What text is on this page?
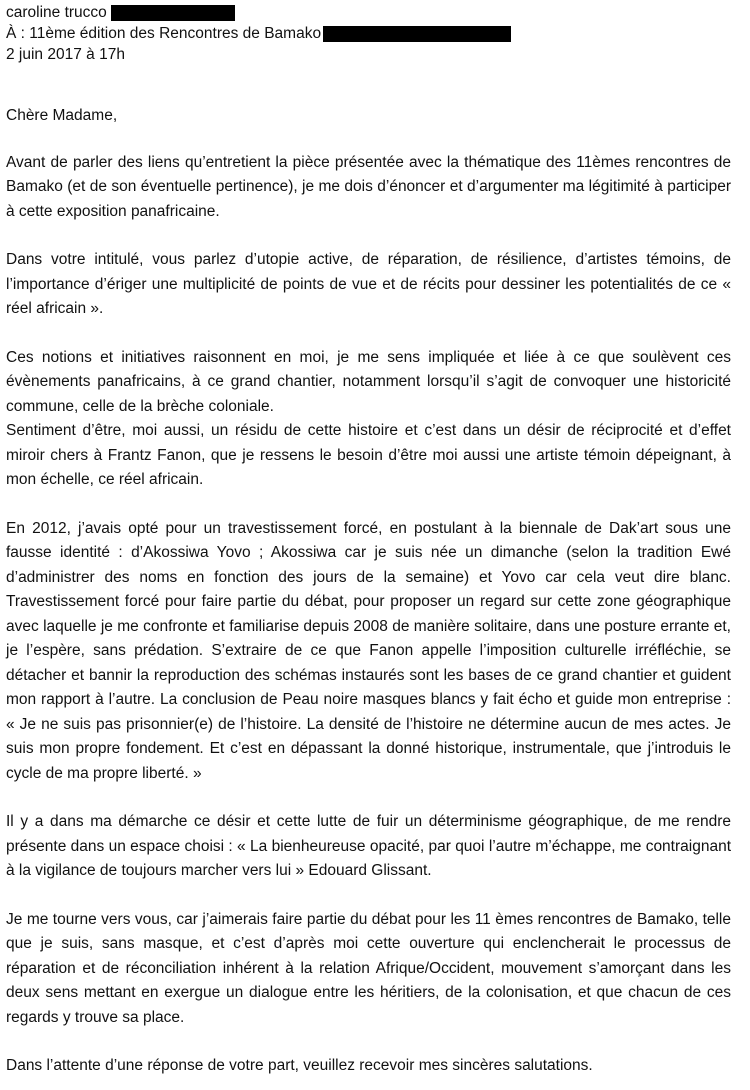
caroline trucco
À : 11ème édition des Rencontres de Bamako
2 juin 2017 à 17h

Chère Madame,

Avant de parler des liens qu’entretient la pièce présentée avec la thématique des 11èmes rencontres de Bamako (et de son éventuelle pertinence), je me dois d’énoncer et d’argumenter ma légitimité à participer à cette exposition panafricaine.

Dans votre intitulé, vous parlez d’utopie active, de réparation, de résilience, d’artistes témoins, de l’importance d’ériger une multiplicité de points de vue et de récits pour dessiner les potentialités de ce « réel africain ».

Ces notions et initiatives raisonnent en moi, je me sens impliquée et liée à ce que soulèvent ces évènements panafricains, à ce grand chantier, notamment lorsqu’il s’agit de convoquer une historicité commune, celle de la brèche coloniale.

Sentiment d’être, moi aussi, un résidu de cette histoire et c’est dans un désir de réciprocité et d’effet miroir chers à Frantz Fanon, que je ressens le besoin d’être moi aussi une artiste témoin dépeignant, à mon échelle, ce réel africain.

En 2012, j’avais opté pour un travestissement forcé, en postulant à la biennale de Dak’art sous une fausse identité : d’Akossiwa Yovo ; Akossiwa car je suis née un dimanche (selon la tradition Ewé d’administrer des noms en fonction des jours de la semaine) et Yovo car cela veut dire blanc. Travestissement forcé pour faire partie du débat, pour proposer un regard sur cette zone géographique avec laquelle je me confronte et familiarise depuis 2008 de manière solitaire, dans une posture errante et, je l’espère, sans prédation. S’extraire de ce que Fanon appelle l’imposition culturelle irréfléchie, se détacher et bannir la reproduction des schémas instaurés sont les bases de ce grand chantier et guident mon rapport à l’autre. La conclusion de Peau noire masques blancs y fait écho et guide mon entreprise : « Je ne suis pas prisonnier(e) de l’histoire. La densité de l’histoire ne détermine aucun de mes actes. Je suis mon propre fondement. Et c’est en dépassant la donné historique, instrumentale, que j’introduis le cycle de ma propre liberté. »

Il y a dans ma démarche ce désir et cette lutte de fuir un déterminisme géographique, de me rendre présente dans un espace choisi : « La bienheureuse opacité, par quoi l’autre m’échappe, me contraignant à la vigilance de toujours marcher vers lui » Edouard Glissant.

Je me tourne vers vous, car j’aimerais faire partie du débat pour les 11 èmes rencontres de Bamako, telle que je suis, sans masque, et c’est d’après moi cette ouverture qui enclencherait le processus de réparation et de réconciliation inhérent à la relation Afrique/Occident, mouvement s’amorçant dans les deux sens mettant en exergue un dialogue entre les héritiers, de la colonisation, et que chacun de ces regards y trouve sa place.

Dans l’attente d’une réponse de votre part, veuillez recevoir mes sincères salutations.
